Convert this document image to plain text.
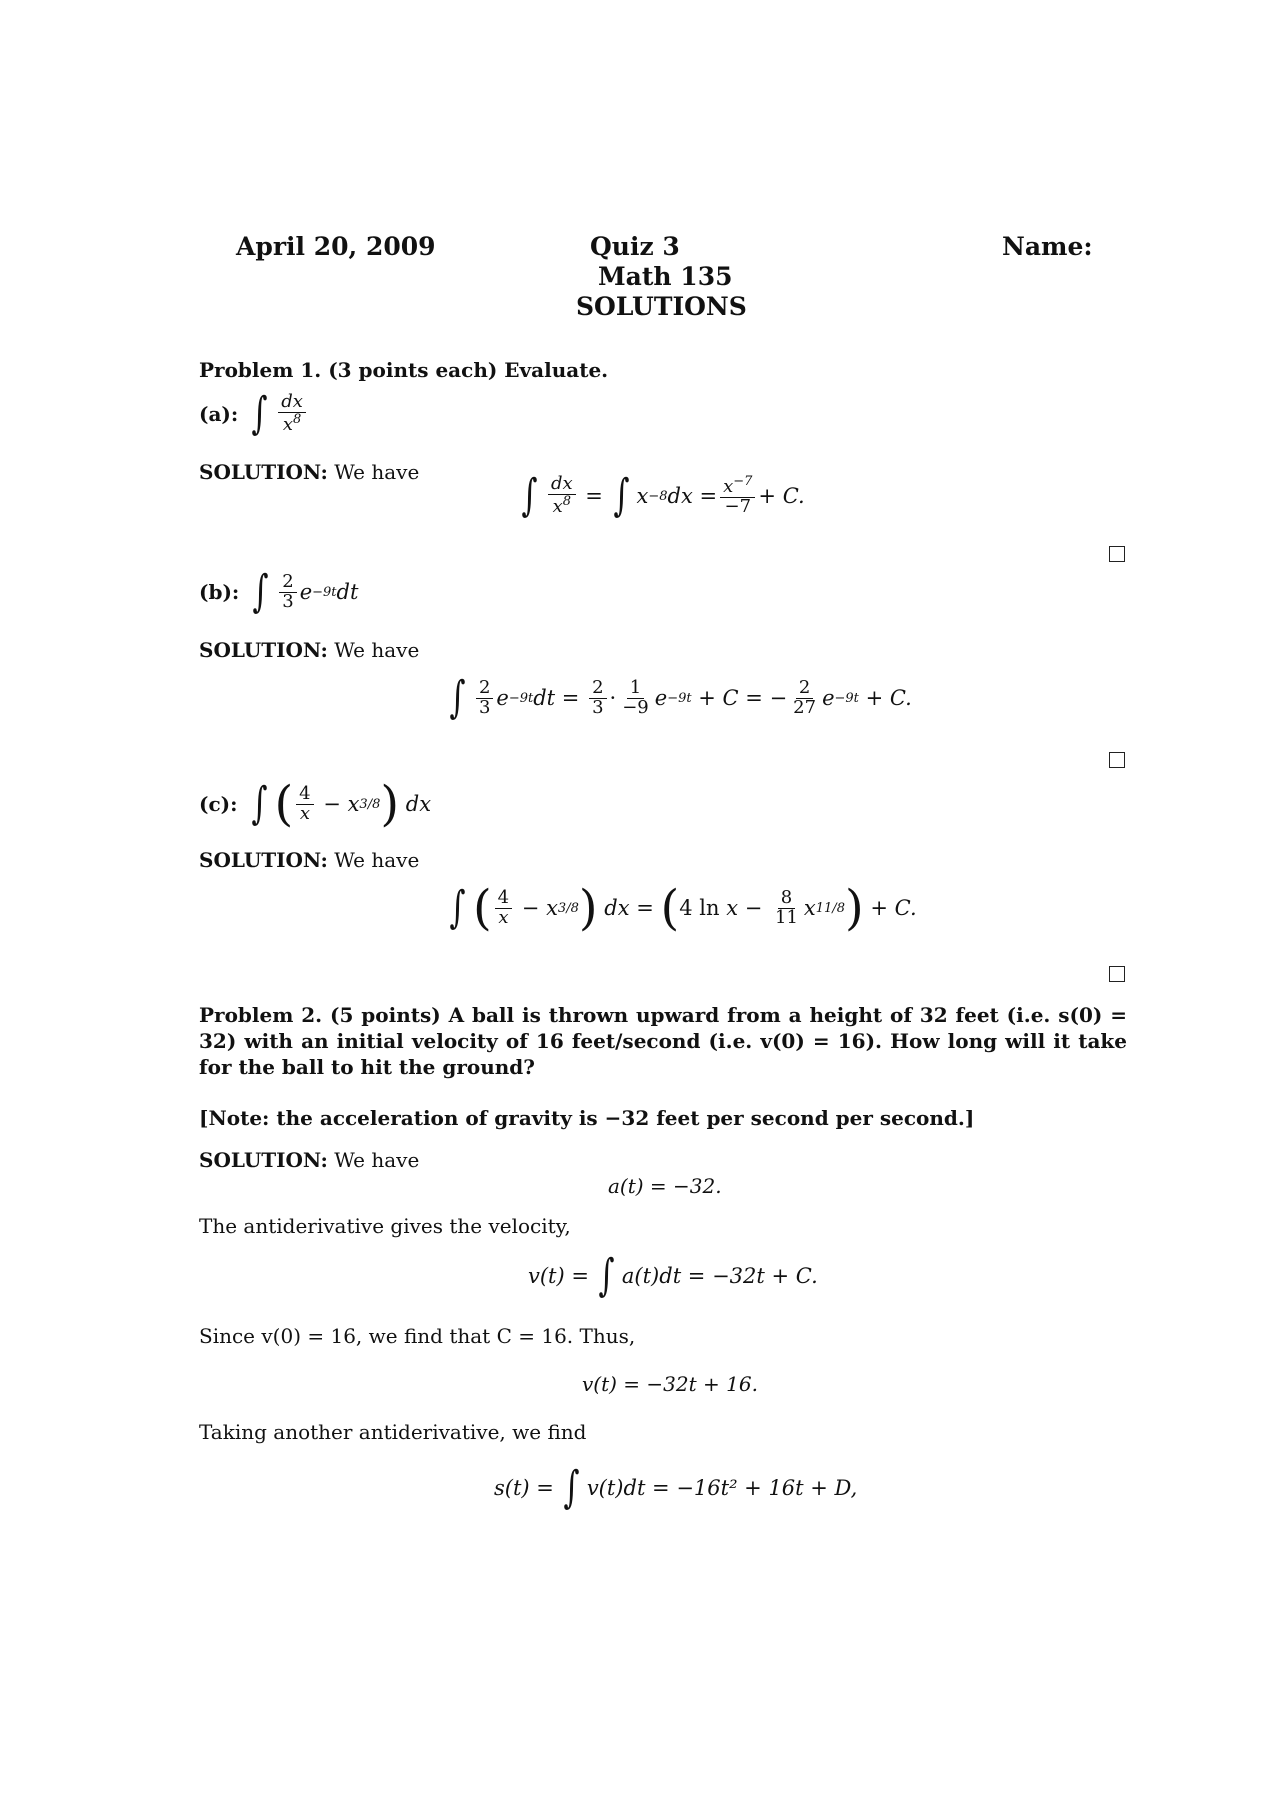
April 20, 2009	Quiz 3
Math 135
SOLUTIONS
Name:
Problem 1. (3 points each) Evaluate.
(a): ∫ $\frac{dx}{x^8}$
SOLUTION: We have ∫ $\frac{dx}{x^8}$ = ∫ x −8 dx = $\frac{x^{-7}}{-7} + C$.
(b): ∫ $\frac{2}{3}$ e −9t dt
SOLUTION: We have
∫ $\frac{2}{3}$ e −9t dt = $\frac{2}{3} \cdot \frac{1}{-9}$ e −9t
+ C = − $\frac{2}{27}$ e −9t
+ C.
(c): ∫ ( $\frac{4}{x} - x$ 3/8 )
dx
SOLUTION: We have
∫ ( $\frac{4}{x} - x$ 3/8 )
dx = ( 4 $\ln x - \frac{8}{11}$ x 11/8 )
+ C.
Problem 2. (5 points) A ball is thrown upward from a height of 32 feet (i.e. s(0) = 32) with an initial velocity of 16 feet/second (i.e. v(0) = 16). How long will it take for the ball to hit the ground?
[Note: the acceleration of gravity is −32 feet per second per second.]
SOLUTION: We have
a(t) = −32.
The antiderivative gives the velocity,
v(t) = ∫ a(t)dt = −32t + C.
Since v(0) = 16, we find that C = 16. Thus,
v(t) = −32t + 16.
Taking another antiderivative, we find
s(t) = ∫ v(t)dt = −16t² + 16t + D,
